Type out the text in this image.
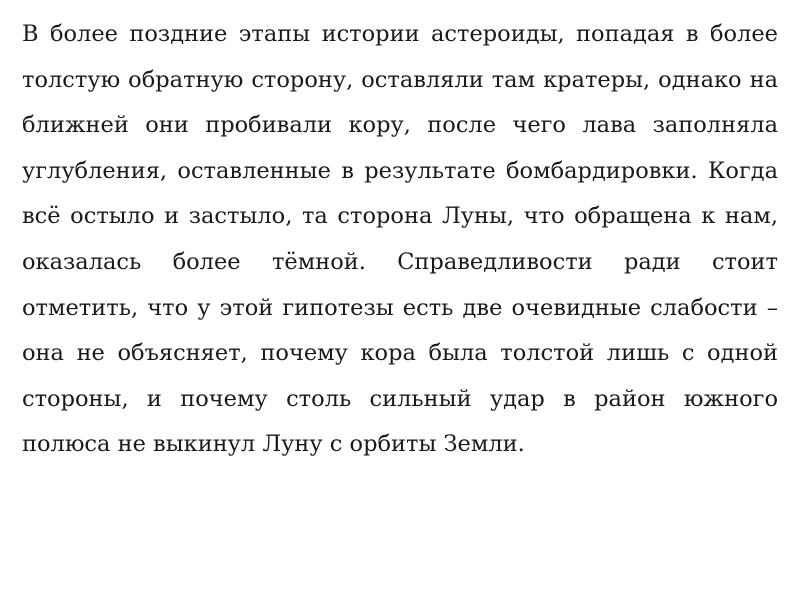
В более поздние этапы истории астероиды, попадая в более толстую обратную сторону, оставляли там кратеры, однако на ближней они пробивали кору, после чего лава заполняла углубления, оставленные в результате бомбардировки. Когда всё остыло и застыло, та сторона Луны, что обращена к нам, оказалась более тёмной. Справедливости ради стоит отметить, что у этой гипотезы есть две очевидные слабости – она не объясняет, почему кора была толстой лишь с одной стороны, и почему столь сильный удар в район южного полюса не выкинул Луну с орбиты Земли.
